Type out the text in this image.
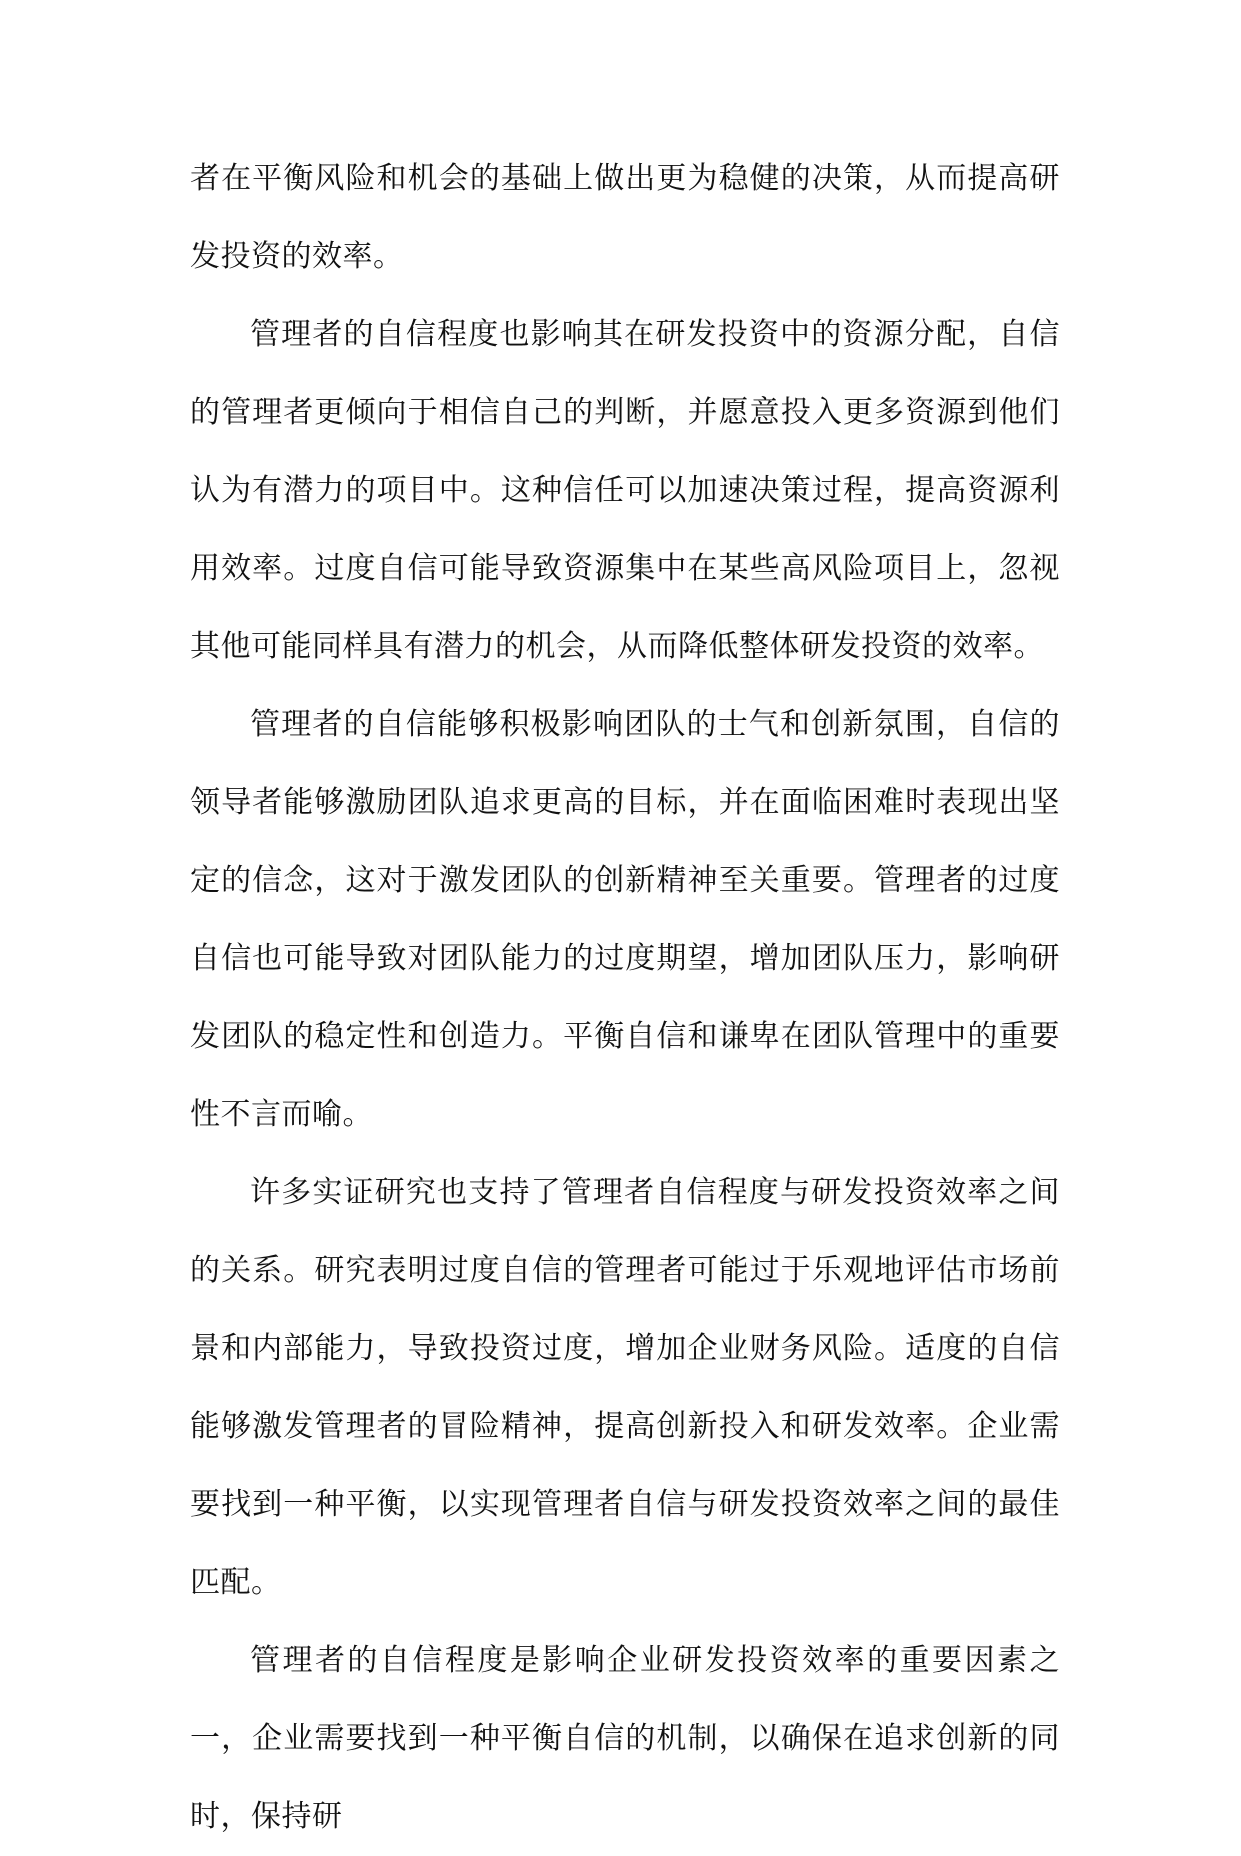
者在平衡风险和机会的基础上做出更为稳健的决策，从而提高研发投资的效率。

管理者的自信程度也影响其在研发投资中的资源分配，自信的管理者更倾向于相信自己的判断，并愿意投入更多资源到他们认为有潜力的项目中。这种信任可以加速决策过程，提高资源利用效率。过度自信可能导致资源集中在某些高风险项目上，忽视其他可能同样具有潜力的机会，从而降低整体研发投资的效率。

管理者的自信能够积极影响团队的士气和创新氛围，自信的领导者能够激励团队追求更高的目标，并在面临困难时表现出坚定的信念，这对于激发团队的创新精神至关重要。管理者的过度自信也可能导致对团队能力的过度期望，增加团队压力，影响研发团队的稳定性和创造力。平衡自信和谦卑在团队管理中的重要性不言而喻。

许多实证研究也支持了管理者自信程度与研发投资效率之间的关系。研究表明过度自信的管理者可能过于乐观地评估市场前景和内部能力，导致投资过度，增加企业财务风险。适度的自信能够激发管理者的冒险精神，提高创新投入和研发效率。企业需要找到一种平衡，以实现管理者自信与研发投资效率之间的最佳匹配。

管理者的自信程度是影响企业研发投资效率的重要因素之一，企业需要找到一种平衡自信的机制，以确保在追求创新的同时，保持研
